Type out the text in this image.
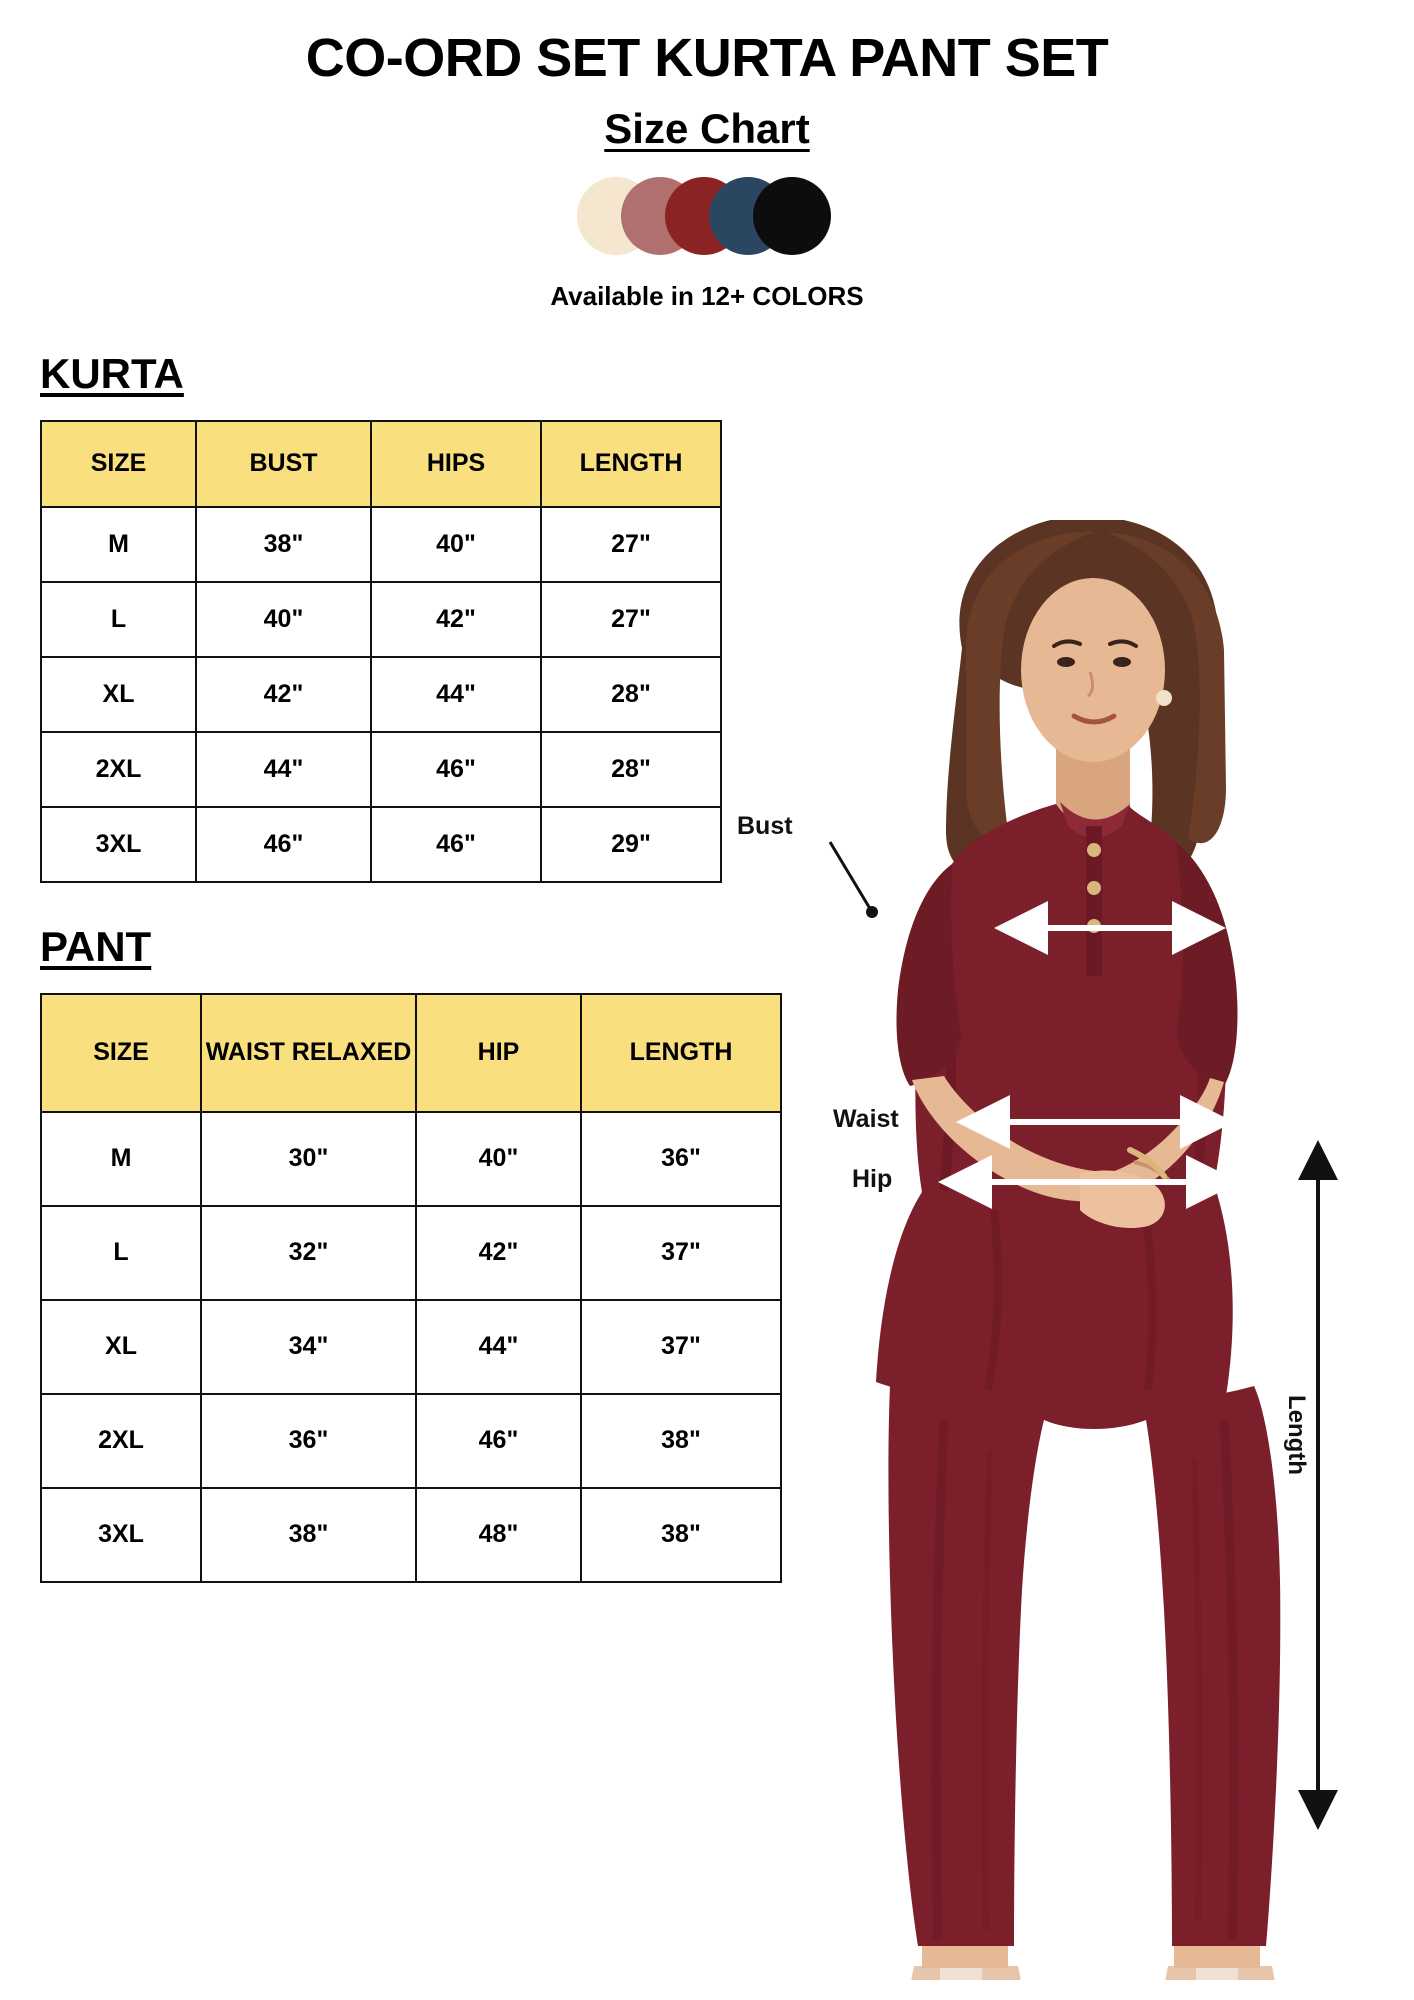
CO-ORD SET KURTA PANT SET
Size Chart
Available in 12+ COLORS
KURTA
SIZE	BUST	HIPS	LENGTH
M	38"	40"	27"
L	40"	42"	27"
XL	42"	44"	28"
2XL	44"	46"	28"
3XL	46"	46"	29"
PANT
SIZE	WAIST RELAXED	HIP	LENGTH
M	30"	40"	36"
L	32"	42"	37"
XL	34"	44"	37"
2XL	36"	46"	38"
3XL	38"	48"	38"
Bust
Waist
Hip
Length
